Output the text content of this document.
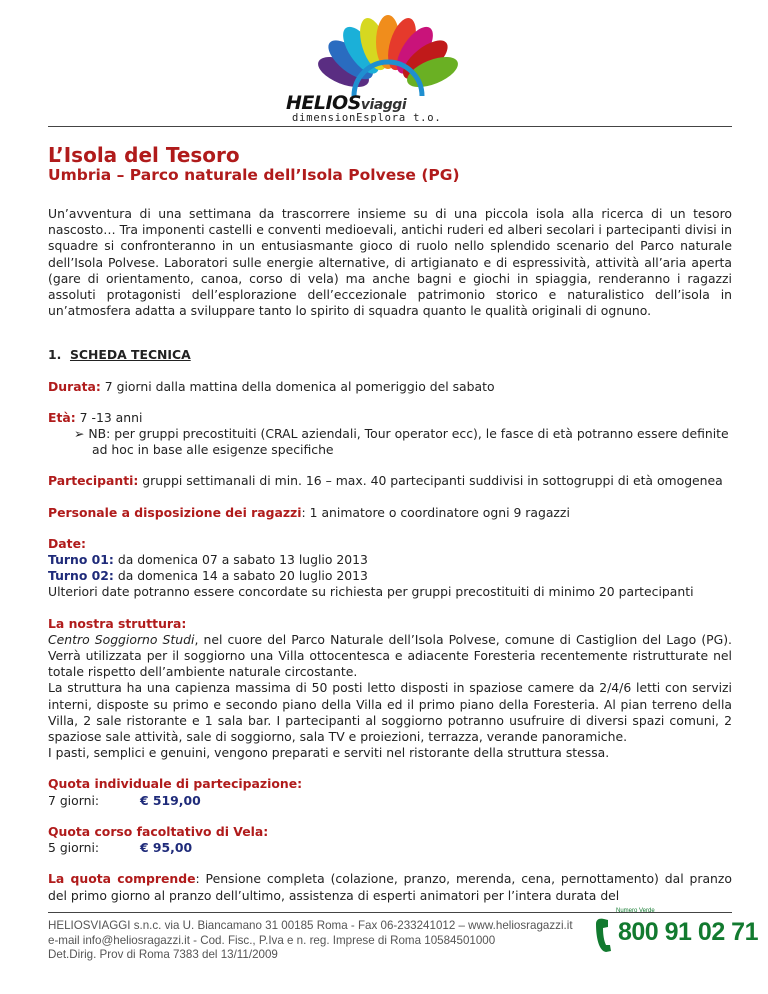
HELIOSviaggi
dimensionEsplora t.o.
L’Isola del Tesoro
Umbria – Parco naturale dell’Isola Polvese (PG)

Un’avventura di una settimana da trascorrere insieme su di una piccola isola alla ricerca di un tesoro nascosto… Tra imponenti castelli e conventi medioevali, antichi ruderi ed alberi secolari i partecipanti divisi in squadre si confronteranno in un entusiasmante gioco di ruolo nello splendido scenario del Parco naturale dell’Isola Polvese. Laboratori sulle energie alternative, di artigianato e di espressività, attività all’aria aperta (gare di orientamento, canoa, corso di vela) ma anche bagni e giochi in spiaggia, renderanno i ragazzi assoluti protagonisti dell’esplorazione dell’eccezionale patrimonio storico e naturalistico dell’isola in un’atmosfera adatta a sviluppare tanto lo spirito di squadra quanto le qualità originali di ognuno.

1. SCHEDA TECNICA

Durata: 7 giorni dalla mattina della domenica al pomeriggio del sabato

Età: 7 -13 anni

➢ NB: per gruppi precostituiti (CRAL aziendali, Tour operator ecc), le fasce di età potranno essere definite ad hoc in base alle esigenze specifiche

Partecipanti: gruppi settimanali di min. 16 – max. 40 partecipanti suddivisi in sottogruppi di età omogenea

Personale a disposizione dei ragazzi: 1 animatore o coordinatore ogni 9 ragazzi

Date:

Turno 01: da domenica 07 a sabato 13 luglio 2013

Turno 02: da domenica 14 a sabato 20 luglio 2013

Ulteriori date potranno essere concordate su richiesta per gruppi precostituiti di minimo 20 partecipanti

La nostra struttura:

Centro Soggiorno Studi, nel cuore del Parco Naturale dell’Isola Polvese, comune di Castiglion del Lago (PG). Verrà utilizzata per il soggiorno una Villa ottocentesca e adiacente Foresteria recentemente ristrutturate nel totale rispetto dell’ambiente naturale circostante.

La struttura ha una capienza massima di 50 posti letto disposti in spaziose camere da 2/4/6 letti con servizi interni, disposte su primo e secondo piano della Villa ed il primo piano della Foresteria. Al pian terreno della Villa, 2 sale ristorante e 1 sala bar. I partecipanti al soggiorno potranno usufruire di diversi spazi comuni, 2 spaziose sale attività, sale di soggiorno, sala TV e proiezioni, terrazza, verande panoramiche.

I pasti, semplici e genuini, vengono preparati e serviti nel ristorante della struttura stessa.

Quota individuale di partecipazione:

7 giorni:	€ 519,00

Quota corso facoltativo di Vela:

5 giorni:	€ 95,00

La quota comprende: Pensione completa (colazione, pranzo, merenda, cena, pernottamento) dal pranzo del primo giorno al pranzo dell’ultimo, assistenza di esperti animatori per l’intera durata del

HELIOSVIAGGI s.n.c. via U. Biancamano 31 00185 Roma - Fax 06-233241012 – www.heliosragazzi.it
e-mail info@heliosragazzi.it - Cod. Fisc., P.Iva e n. reg. Imprese di Roma 10584501000
Det.Dirig. Prov di Roma 7383 del 13/11/2009
Numero Verde
800 91 02 71
